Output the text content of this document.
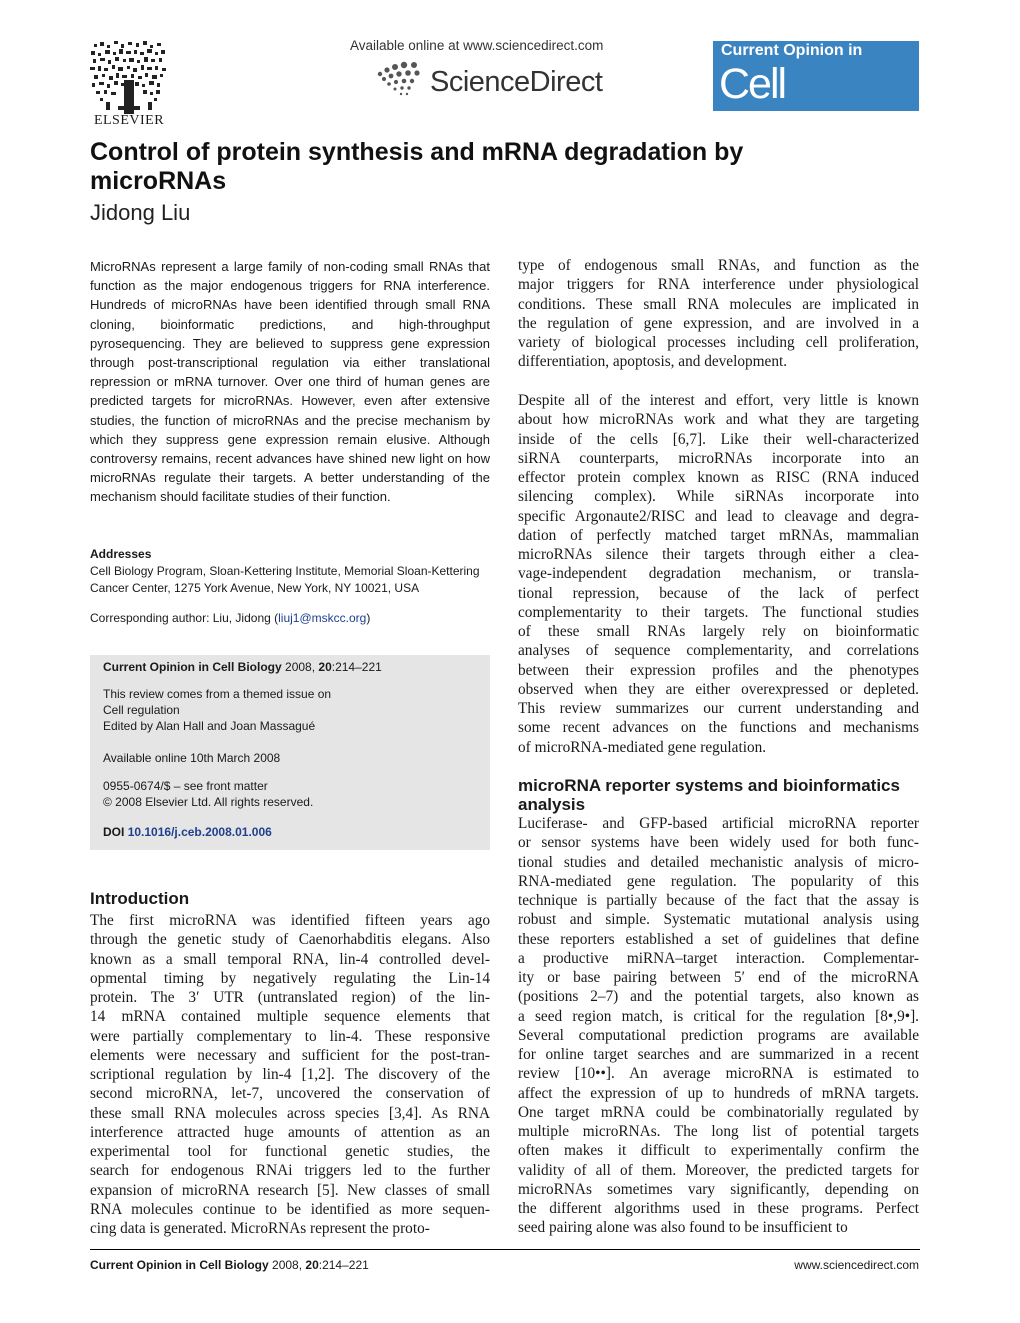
ELSEVIER
Available online at www.sciencedirect.com
ScienceDirect
Current Opinion in
Cell Biology
Control of protein synthesis and mRNA degradation by microRNAs
Jidong Liu
MicroRNAs represent a large family of non-coding small RNAs that function as the major endogenous triggers for RNA interference. Hundreds of microRNAs have been identified through small RNA cloning, bioinformatic predictions, and high-throughput pyrosequencing. They are believed to suppress gene expression through post-transcriptional regulation via either translational repression or mRNA turnover. Over one third of human genes are predicted targets for microRNAs. However, even after extensive studies, the function of microRNAs and the precise mechanism by which they suppress gene expression remain elusive. Although controversy remains, recent advances have shined new light on how microRNAs regulate their targets. A better understanding of the mechanism should facilitate studies of their function.
Addresses
Cell Biology Program, Sloan-Kettering Institute, Memorial Sloan-Kettering Cancer Center, 1275 York Avenue, New York, NY 10021, USA
Corresponding author: Liu, Jidong (liuj1@mskcc.org)
Current Opinion in Cell Biology 2008, 20:214–221
This review comes from a themed issue on
Cell regulation
Edited by Alan Hall and Joan Massagué
Available online 10th March 2008
0955-0674/$ – see front matter
© 2008 Elsevier Ltd. All rights reserved.
DOI 10.1016/j.ceb.2008.01.006
Introduction
The first microRNA was identified fifteen years ago
through the genetic study of Caenorhabditis elegans. Also
known as a small temporal RNA, lin-4 controlled devel-
opmental timing by negatively regulating the Lin-14
protein. The 3′ UTR (untranslated region) of the lin-
14 mRNA contained multiple sequence elements that
were partially complementary to lin-4. These responsive
elements were necessary and sufficient for the post-tran-
scriptional regulation by lin-4 [1,2]. The discovery of the
second microRNA, let-7, uncovered the conservation of
these small RNA molecules across species [3,4]. As RNA
interference attracted huge amounts of attention as an
experimental tool for functional genetic studies, the
search for endogenous RNAi triggers led to the further
expansion of microRNA research [5]. New classes of small
RNA molecules continue to be identified as more sequen-
cing data is generated. MicroRNAs represent the proto-
type of endogenous small RNAs, and function as the
major triggers for RNA interference under physiological
conditions. These small RNA molecules are implicated in
the regulation of gene expression, and are involved in a
variety of biological processes including cell proliferation,
differentiation, apoptosis, and development.
Despite all of the interest and effort, very little is known
about how microRNAs work and what they are targeting
inside of the cells [6,7]. Like their well-characterized
siRNA counterparts, microRNAs incorporate into an
effector protein complex known as RISC (RNA induced
silencing complex). While siRNAs incorporate into
specific Argonaute2/RISC and lead to cleavage and degra-
dation of perfectly matched target mRNAs, mammalian
microRNAs silence their targets through either a clea-
vage-independent degradation mechanism, or transla-
tional repression, because of the lack of perfect
complementarity to their targets. The functional studies
of these small RNAs largely rely on bioinformatic
analyses of sequence complementarity, and correlations
between their expression profiles and the phenotypes
observed when they are either overexpressed or depleted.
This review summarizes our current understanding and
some recent advances on the functions and mechanisms
of microRNA-mediated gene regulation.
microRNA reporter systems and bioinformatics analysis
Luciferase- and GFP-based artificial microRNA reporter
or sensor systems have been widely used for both func-
tional studies and detailed mechanistic analysis of micro-
RNA-mediated gene regulation. The popularity of this
technique is partially because of the fact that the assay is
robust and simple. Systematic mutational analysis using
these reporters established a set of guidelines that define
a productive miRNA–target interaction. Complementar-
ity or base pairing between 5′ end of the microRNA
(positions 2–7) and the potential targets, also known as
a seed region match, is critical for the regulation [8•,9•].
Several computational prediction programs are available
for online target searches and are summarized in a recent
review [10••]. An average microRNA is estimated to
affect the expression of up to hundreds of mRNA targets.
One target mRNA could be combinatorially regulated by
multiple microRNAs. The long list of potential targets
often makes it difficult to experimentally confirm the
validity of all of them. Moreover, the predicted targets for
microRNAs sometimes vary significantly, depending on
the different algorithms used in these programs. Perfect
seed pairing alone was also found to be insufficient to
Current Opinion in Cell Biology 2008, 20:214–221	www.sciencedirect.com
